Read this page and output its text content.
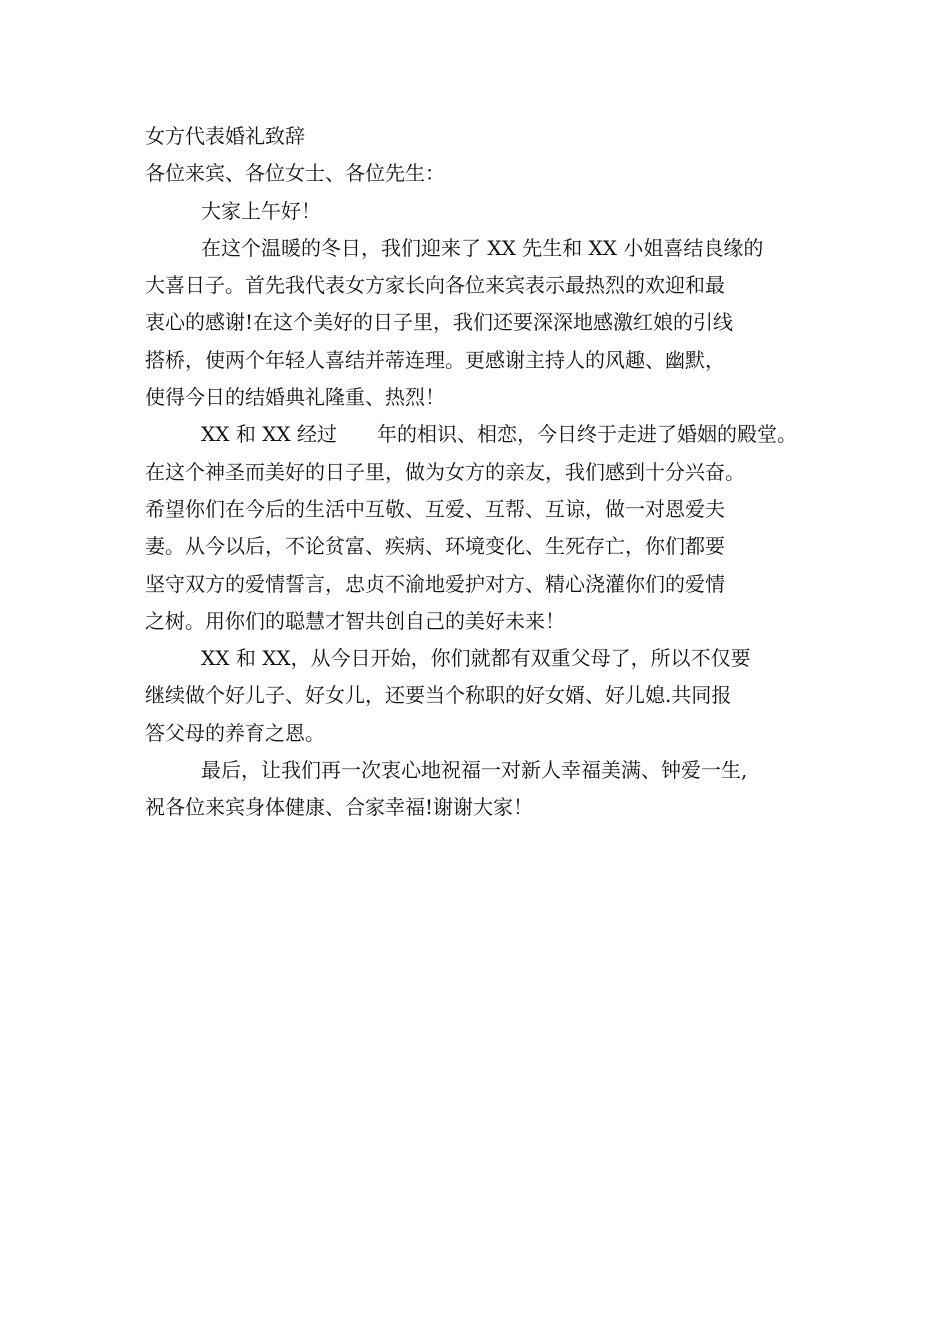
女方代表婚礼致辞
各位来宾、各位女士、各位先生：
大家上午好！
在这个温暖的冬日，我们迎来了 XX 先生和 XX 小姐喜结良缘的
大喜日子。首先我代表女方家长向各位来宾表示最热烈的欢迎和最
衷心的感谢!在这个美好的日子里，我们还要深深地感激红娘的引线
搭桥，使两个年轻人喜结并蒂连理。更感谢主持人的风趣、幽默，
使得今日的结婚典礼隆重、热烈！
XX 和 XX 经过　　年的相识、相恋，今日终于走进了婚姻的殿堂。
在这个神圣而美好的日子里，做为女方的亲友，我们感到十分兴奋。
希望你们在今后的生活中互敬、互爱、互帮、互谅，做一对恩爱夫
妻。从今以后，不论贫富、疾病、环境变化、生死存亡，你们都要
坚守双方的爱情誓言，忠贞不渝地爱护对方、精心浇灌你们的爱情
之树。用你们的聪慧才智共创自己的美好未来！
XX 和 XX，从今日开始，你们就都有双重父母了，所以不仅要
继续做个好儿子、好女儿，还要当个称职的好女婿、好儿媳.共同报
答父母的养育之恩。
最后，让我们再一次衷心地祝福一对新人幸福美满、钟爱一生,
祝各位来宾身体健康、合家幸福!谢谢大家！
